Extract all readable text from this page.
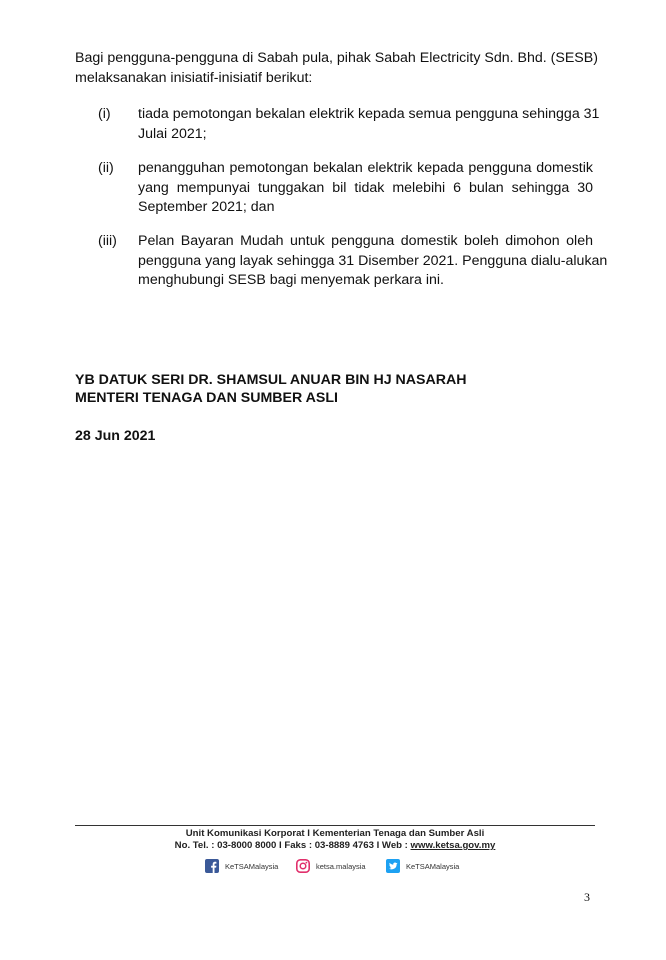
Bagi pengguna-pengguna di Sabah pula, pihak Sabah Electricity Sdn. Bhd. (SESB)
melaksanakan inisiatif-inisiatif berikut:
(i) tiada pemotongan bekalan elektrik kepada semua pengguna sehingga 31
Julai 2021;
(ii) penangguhan pemotongan bekalan elektrik kepada pengguna domestik
yang mempunyai tunggakan bil tidak melebihi 6 bulan sehingga 30
September 2021; dan
(iii) Pelan Bayaran Mudah untuk pengguna domestik boleh dimohon oleh
pengguna yang layak sehingga 31 Disember 2021. Pengguna dialu-alukan
menghubungi SESB bagi menyemak perkara ini.
YB DATUK SERI DR. SHAMSUL ANUAR BIN HJ NASARAH
MENTERI TENAGA DAN SUMBER ASLI
28 Jun 2021
Unit Komunikasi Korporat I Kementerian Tenaga dan Sumber Asli
No. Tel. : 03-8000 8000 I Faks : 03-8889 4763 I Web : www.ketsa.gov.my
KeTSAMalaysia	ketsa.malaysia	KeTSAMalaysia
3
